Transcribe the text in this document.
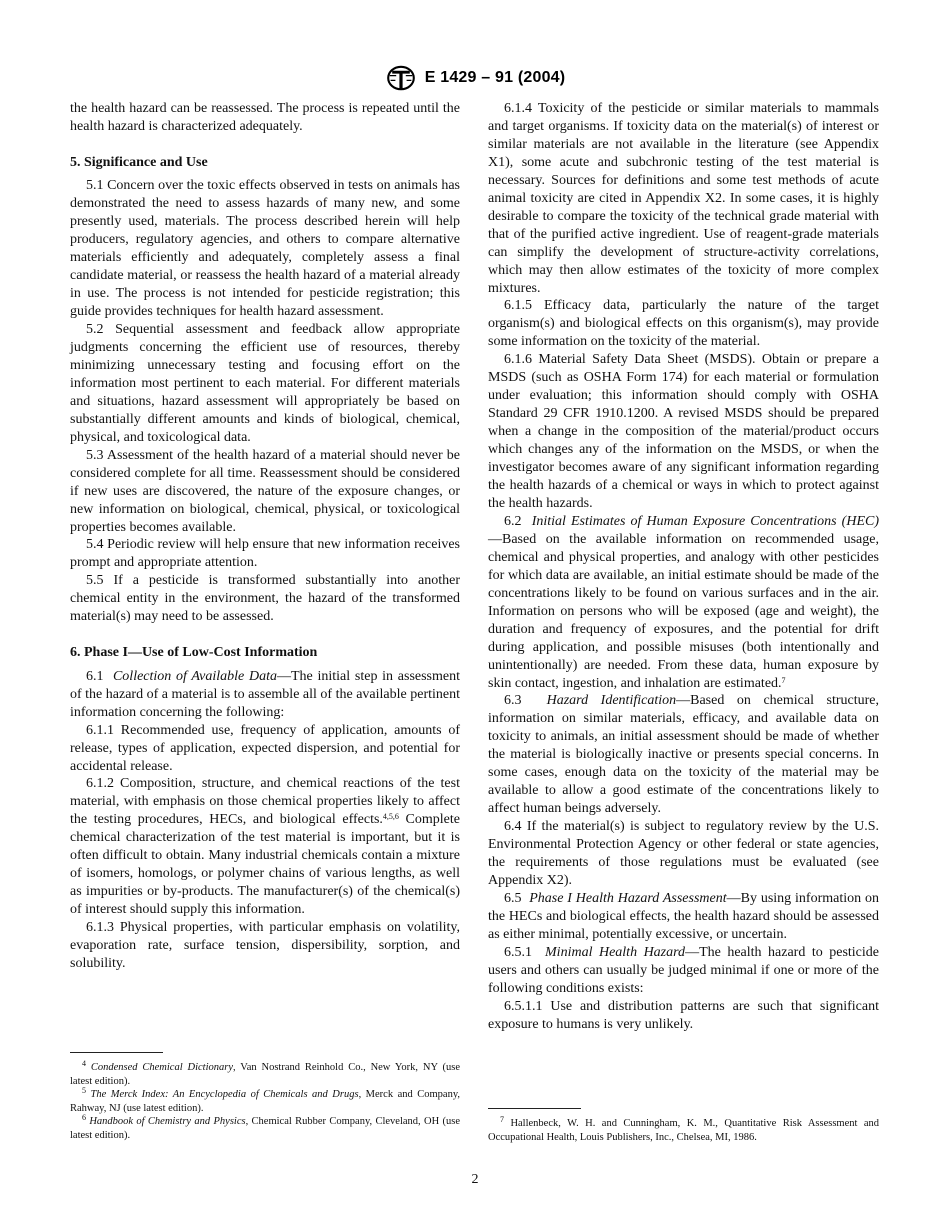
E 1429 – 91 (2004)

the health hazard can be reassessed. The process is repeated until the health hazard is characterized adequately.

5. Significance and Use

5.1 Concern over the toxic effects observed in tests on animals has demonstrated the need to assess hazards of many new, and some presently used, materials. The process described herein will help producers, regulatory agencies, and others to compare alternative materials efficiently and adequately, completely assess a final candidate material, or reassess the health hazard of a material already in use. The process is not intended for pesticide registration; this guide provides techniques for health hazard assessment.

5.2 Sequential assessment and feedback allow appropriate judgments concerning the efficient use of resources, thereby minimizing unnecessary testing and focusing effort on the information most pertinent to each material. For different materials and situations, hazard assessment will appropriately be based on substantially different amounts and kinds of biological, chemical, physical, and toxicological data.

5.3 Assessment of the health hazard of a material should never be considered complete for all time. Reassessment should be considered if new uses are discovered, the nature of the exposure changes, or new information on biological, chemical, physical, or toxicological properties becomes available.

5.4 Periodic review will help ensure that new information receives prompt and appropriate attention.

5.5 If a pesticide is transformed substantially into another chemical entity in the environment, the hazard of the transformed material(s) may need to be assessed.

6. Phase I—Use of Low-Cost Information

6.1 Collection of Available Data—The initial step in assessment of the hazard of a material is to assemble all of the available pertinent information concerning the following:

6.1.1 Recommended use, frequency of application, amounts of release, types of application, expected dispersion, and potential for accidental release.

6.1.2 Composition, structure, and chemical reactions of the test material, with emphasis on those chemical properties likely to affect the testing procedures, HECs, and biological effects.$^{4,5,6}$ Complete chemical characterization of the test material is important, but it is often difficult to obtain. Many industrial chemicals contain a mixture of isomers, homologs, or polymer chains of various lengths, as well as impurities or by-products. The manufacturer(s) of the chemical(s) of interest should supply this information.

6.1.3 Physical properties, with particular emphasis on volatility, evaporation rate, surface tension, dispersibility, sorption, and solubility.

6.1.4 Toxicity of the pesticide or similar materials to mammals and target organisms. If toxicity data on the material(s) of interest or similar materials are not available in the literature (see Appendix X1), some acute and subchronic testing of the test material is necessary. Sources for definitions and some test methods of acute animal toxicity are cited in Appendix X2. In some cases, it is highly desirable to compare the toxicity of the technical grade material with that of the purified active ingredient. Use of reagent-grade materials can simplify the development of structure-activity correlations, which may then allow estimates of the toxicity of more complex mixtures.

6.1.5 Efficacy data, particularly the nature of the target organism(s) and biological effects on this organism(s), may provide some information on the toxicity of the material.

6.1.6 Material Safety Data Sheet (MSDS). Obtain or prepare a MSDS (such as OSHA Form 174) for each material or formulation under evaluation; this information should comply with OSHA Standard 29 CFR 1910.1200. A revised MSDS should be prepared when a change in the composition of the material/product occurs which changes any of the information on the MSDS, or when the investigator becomes aware of any significant information regarding the health hazards of a chemical or ways in which to protect against the health hazards.

6.2 Initial Estimates of Human Exposure Concentrations (HEC)—Based on the available information on recommended usage, chemical and physical properties, and analogy with other pesticides for which data are available, an initial estimate should be made of the concentrations likely to be found on various surfaces and in the air. Information on persons who will be exposed (age and weight), the duration and frequency of exposures, and the potential for drift during application, and possible misuses (both intentionally and unintentionally) are needed. From these data, human exposure by skin contact, ingestion, and inhalation are estimated.$^7$

6.3 Hazard Identification—Based on chemical structure, information on similar materials, efficacy, and available data on toxicity to animals, an initial assessment should be made of whether the material is biologically inactive or presents special concerns. In some cases, enough data on the toxicity of the material may be available to allow a good estimate of the concentrations likely to affect human beings adversely.

6.4 If the material(s) is subject to regulatory review by the U.S. Environmental Protection Agency or other federal or state agencies, the requirements of those regulations must be evaluated (see Appendix X2).

6.5 Phase I Health Hazard Assessment—By using information on the HECs and biological effects, the health hazard should be assessed as either minimal, potentially excessive, or uncertain.

6.5.1 Minimal Health Hazard—The health hazard to pesticide users and others can usually be judged minimal if one or more of the following conditions exists:

6.5.1.1 Use and distribution patterns are such that significant exposure to humans is very unlikely.

$^4$ Condensed Chemical Dictionary, Van Nostrand Reinhold Co., New York, NY (use latest edition).
$^5$ The Merck Index: An Encyclopedia of Chemicals and Drugs, Merck and Company, Rahway, NJ (use latest edition).
$^6$ Handbook of Chemistry and Physics, Chemical Rubber Company, Cleveland, OH (use latest edition).
$^7$ Hallenbeck, W. H. and Cunningham, K. M., Quantitative Risk Assessment and Occupational Health, Louis Publishers, Inc., Chelsea, MI, 1986.
2
